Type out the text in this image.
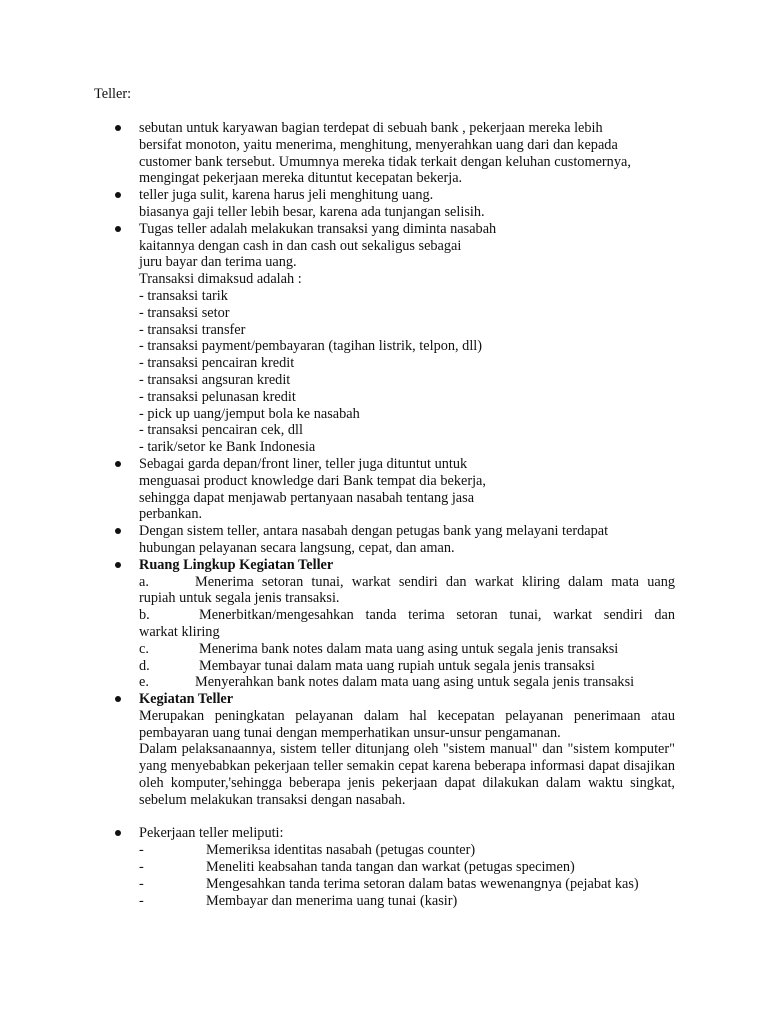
Teller:

sebutan untuk karyawan bagian terdepat di sebuah bank , pekerjaan mereka lebih
bersifat monoton, yaitu menerima, menghitung, menyerahkan uang dari dan kepada
customer bank tersebut. Umumnya mereka tidak terkait dengan keluhan customernya,
mengingat pekerjaan mereka dituntut kecepatan bekerja.
teller juga sulit, karena harus jeli menghitung uang.
biasanya gaji teller lebih besar, karena ada tunjangan selisih.
Tugas teller adalah melakukan transaksi yang diminta nasabah
kaitannya dengan cash in dan cash out sekaligus sebagai
juru bayar dan terima uang.
Transaksi dimaksud adalah :
- transaksi tarik
- transaksi setor
- transaksi transfer
- transaksi payment/pembayaran (tagihan listrik, telpon, dll)
- transaksi pencairan kredit
- transaksi angsuran kredit
- transaksi pelunasan kredit
- pick up uang/jemput bola ke nasabah
- transaksi pencairan cek, dll
- tarik/setor ke Bank Indonesia
Sebagai garda depan/front liner, teller juga dituntut untuk
menguasai product knowledge dari Bank tempat dia bekerja,
sehingga dapat menjawab pertanyaan nasabah tentang jasa
perbankan.
Dengan sistem teller, antara nasabah dengan petugas bank yang melayani terdapat
hubungan pelayanan secara langsung, cepat, dan aman.
Ruang Lingkup Kegiatan Teller
a.	Menerima setoran tunai, warkat sendiri dan warkat kliring dalam mata uang
rupiah untuk segala jenis transaksi.
b.	Menerbitkan/mengesahkan tanda terima setoran tunai, warkat sendiri dan
warkat kliring
c.	Menerima bank notes dalam mata uang asing untuk segala jenis transaksi
d.	Membayar tunai dalam mata uang rupiah untuk segala jenis transaksi
e.	Menyerahkan bank notes dalam mata uang asing untuk segala jenis transaksi
Kegiatan Teller
Merupakan peningkatan pelayanan dalam hal kecepatan pelayanan penerimaan atau pembayaran uang tunai dengan memperhatikan unsur-unsur pengamanan.
Dalam pelaksanaannya, sistem teller ditunjang oleh "sistem manual" dan "sistem komputer" yang menyebabkan pekerjaan teller semakin cepat karena beberapa informasi dapat disajikan oleh komputer,'sehingga beberapa jenis pekerjaan dapat dilakukan dalam waktu singkat, sebelum melakukan transaksi dengan nasabah.
Pekerjaan teller meliputi:
-	Memeriksa identitas nasabah (petugas counter)
-	Meneliti keabsahan tanda tangan dan warkat (petugas specimen)
-	Mengesahkan tanda terima setoran dalam batas wewenangnya (pejabat kas)
-	Membayar dan menerima uang tunai (kasir)
